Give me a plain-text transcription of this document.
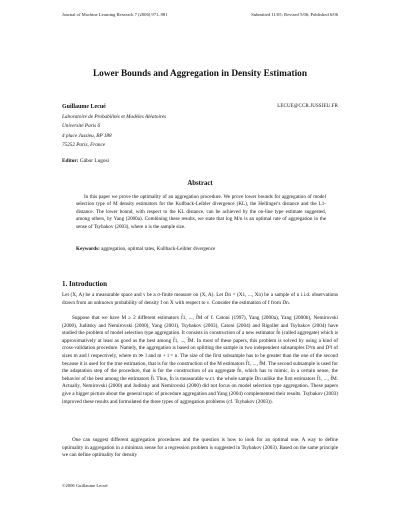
Journal of Machine Learning Research 7 (2006) 971–981	Submitted 11/05; Revised 5/06; Published 6/06
Lower Bounds and Aggregation in Density Estimation
Guillaume Lecué	LECUE@CCR.JUSSIEU.FR
Laboratoire de Probabilités et Modèles Aléatoires
Université Paris 6
4 place Jussieu, BP 188
75252 Paris, France
Editor: Gábor Lugosi
Abstract
In this paper we prove the optimality of an aggregation procedure. We prove lower bounds for aggregation of model selection type of M density estimators for the Kullback-Leibler divergence (KL), the Hellinger's distance and the L1-distance. The lower bound, with respect to the KL distance, can be achieved by the on-line type estimate suggested, among others, by Yang (2000a). Combining these results, we state that log M/n is an optimal rate of aggregation in the sense of Tsybakov (2003), where n is the sample size.
Keywords: aggregation, optimal rates, Kullback-Leibler divergence
1. Introduction
Let (X, A) be a measurable space and ν be a σ-finite measure on (X, A). Let Dn = (X1, ..., Xn) be a sample of n i.i.d. observations drawn from an unknown probability of density f on X with respect to ν. Consider the estimation of f from Dn.
Suppose that we have M ≥ 2 different estimators f̂1, ..., f̂M of f. Catoni (1997), Yang (2000a), Yang (2000b), Nemirovski (2000), Juditsky and Nemirovski (2000), Yang (2001), Tsybakov (2003), Catoni (2004) and Rigollet and Tsybakov (2004) have studied the problem of model selection type aggregation. It consists in construction of a new estimator f̃n (called aggregate) which is approximatively at least as good as the best among f̂1, ..., f̂M. In most of these papers, this problem is solved by using a kind of cross-validation procedure. Namely, the aggregation is based on splitting the sample in two independent subsamples D¹m and D²l of sizes m and l respectively, where m ≫ l and m + l = n. The size of the first subsample has to be greater than the one of the second because it is used for the true estimation, that is for the construction of the M estimators f̂1, ..., f̂M. The second subsample is used for the adaptation step of the procedure, that is for the construction of an aggregate f̃n, which has to mimic, in a certain sense, the behavior of the best among the estimators f̂i. Thus, f̃n is measurable w.r.t. the whole sample Dn unlike the first estimators f̂1, ..., f̂M. Actually, Nemirovski (2000) and Juditsky and Nemirovski (2000) did not focus on model selection type aggregation. These papers give a bigger picture about the general topic of procedure aggregation and Yang (2004) complemented their results. Tsybakov (2003) improved these results and formulated the three types of aggregation problems (cf. Tsybakov (2003)).
One can suggest different aggregation procedures and the question is how to look for an optimal one. A way to define optimality in aggregation in a minimax sense for a regression problem is suggested in Tsybakov (2003). Based on the same principle we can define optimality for density
©2006 Guillaume Lecué.
